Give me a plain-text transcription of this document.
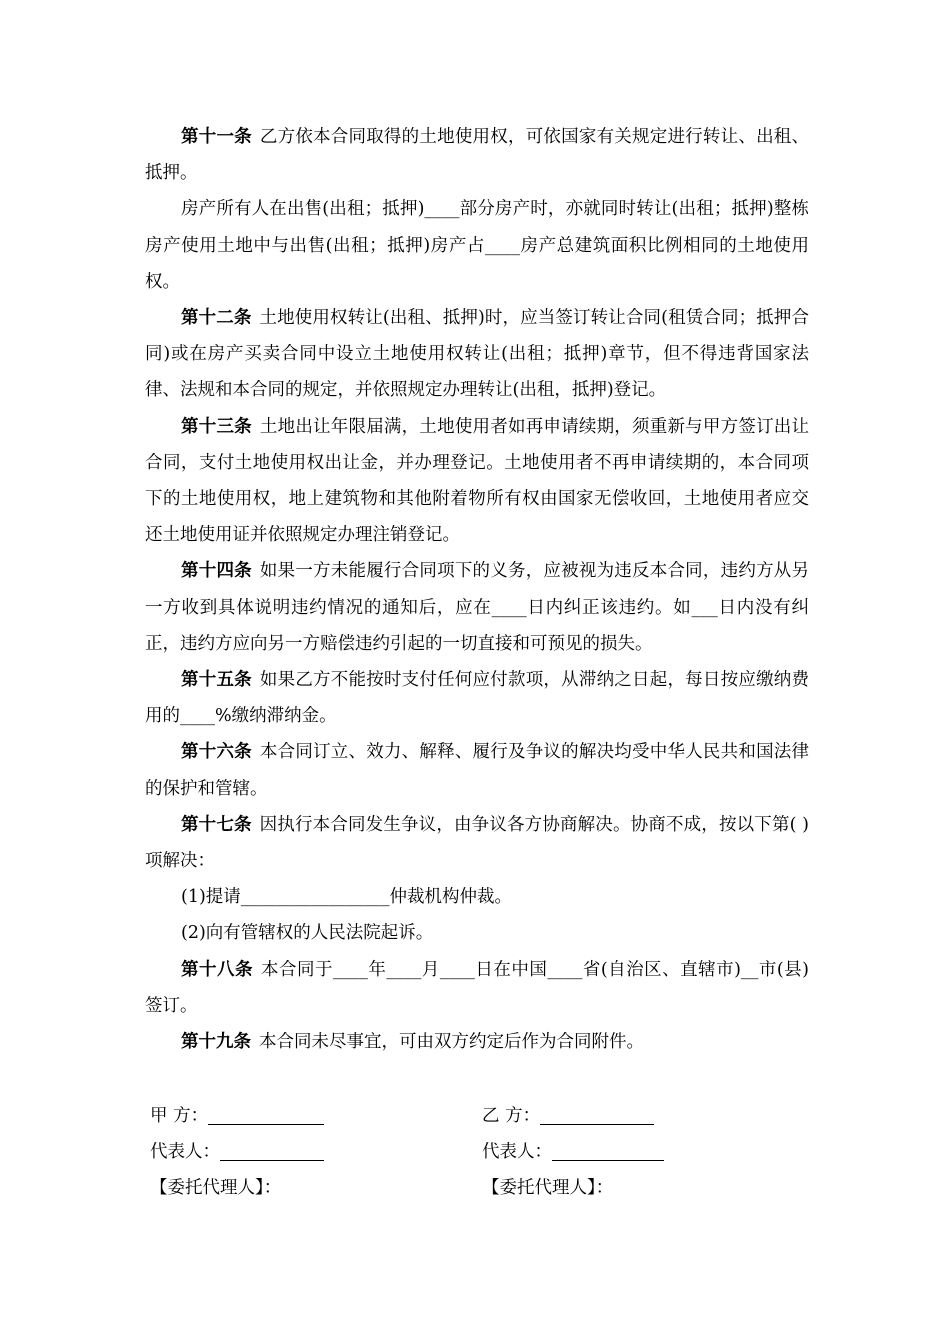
第十一条 乙方依本合同取得的土地使用权，可依国家有关规定进行转让、出租、抵押。

房产所有人在出售(出租；抵押)____部分房产时，亦就同时转让(出租；抵押)整栋房产使用土地中与出售(出租；抵押)房产占____房产总建筑面积比例相同的土地使用权。

第十二条 土地使用权转让(出租、抵押)时，应当签订转让合同(租赁合同；抵押合同)或在房产买卖合同中设立土地使用权转让(出租；抵押)章节，但不得违背国家法律、法规和本合同的规定，并依照规定办理转让(出租，抵押)登记。

第十三条 土地出让年限届满，土地使用者如再申请续期，须重新与甲方签订出让合同，支付土地使用权出让金，并办理登记。土地使用者不再申请续期的，本合同项下的土地使用权，地上建筑物和其他附着物所有权由国家无偿收回，土地使用者应交还土地使用证并依照规定办理注销登记。

第十四条 如果一方未能履行合同项下的义务，应被视为违反本合同，违约方从另一方收到具体说明违约情况的通知后，应在____日内纠正该违约。如___日内没有纠正，违约方应向另一方赔偿违约引起的一切直接和可预见的损失。

第十五条 如果乙方不能按时支付任何应付款项，从滞纳之日起，每日按应缴纳费用的____%缴纳滞纳金。

第十六条 本合同订立、效力、解释、履行及争议的解决均受中华人民共和国法律的保护和管辖。

第十七条 因执行本合同发生争议，由争议各方协商解决。协商不成，按以下第( )项解决：

(1)提请_________________仲裁机构仲裁。

(2)向有管辖权的人民法院起诉。

第十八条 本合同于____年____月____日在中国____省(自治区、直辖市)__市(县)签订。

第十九条 本合同未尽事宜，可由双方约定后作为合同附件。

甲 方：	乙 方：
代表人：	代表人：
【委托代理人】：	【委托代理人】：
